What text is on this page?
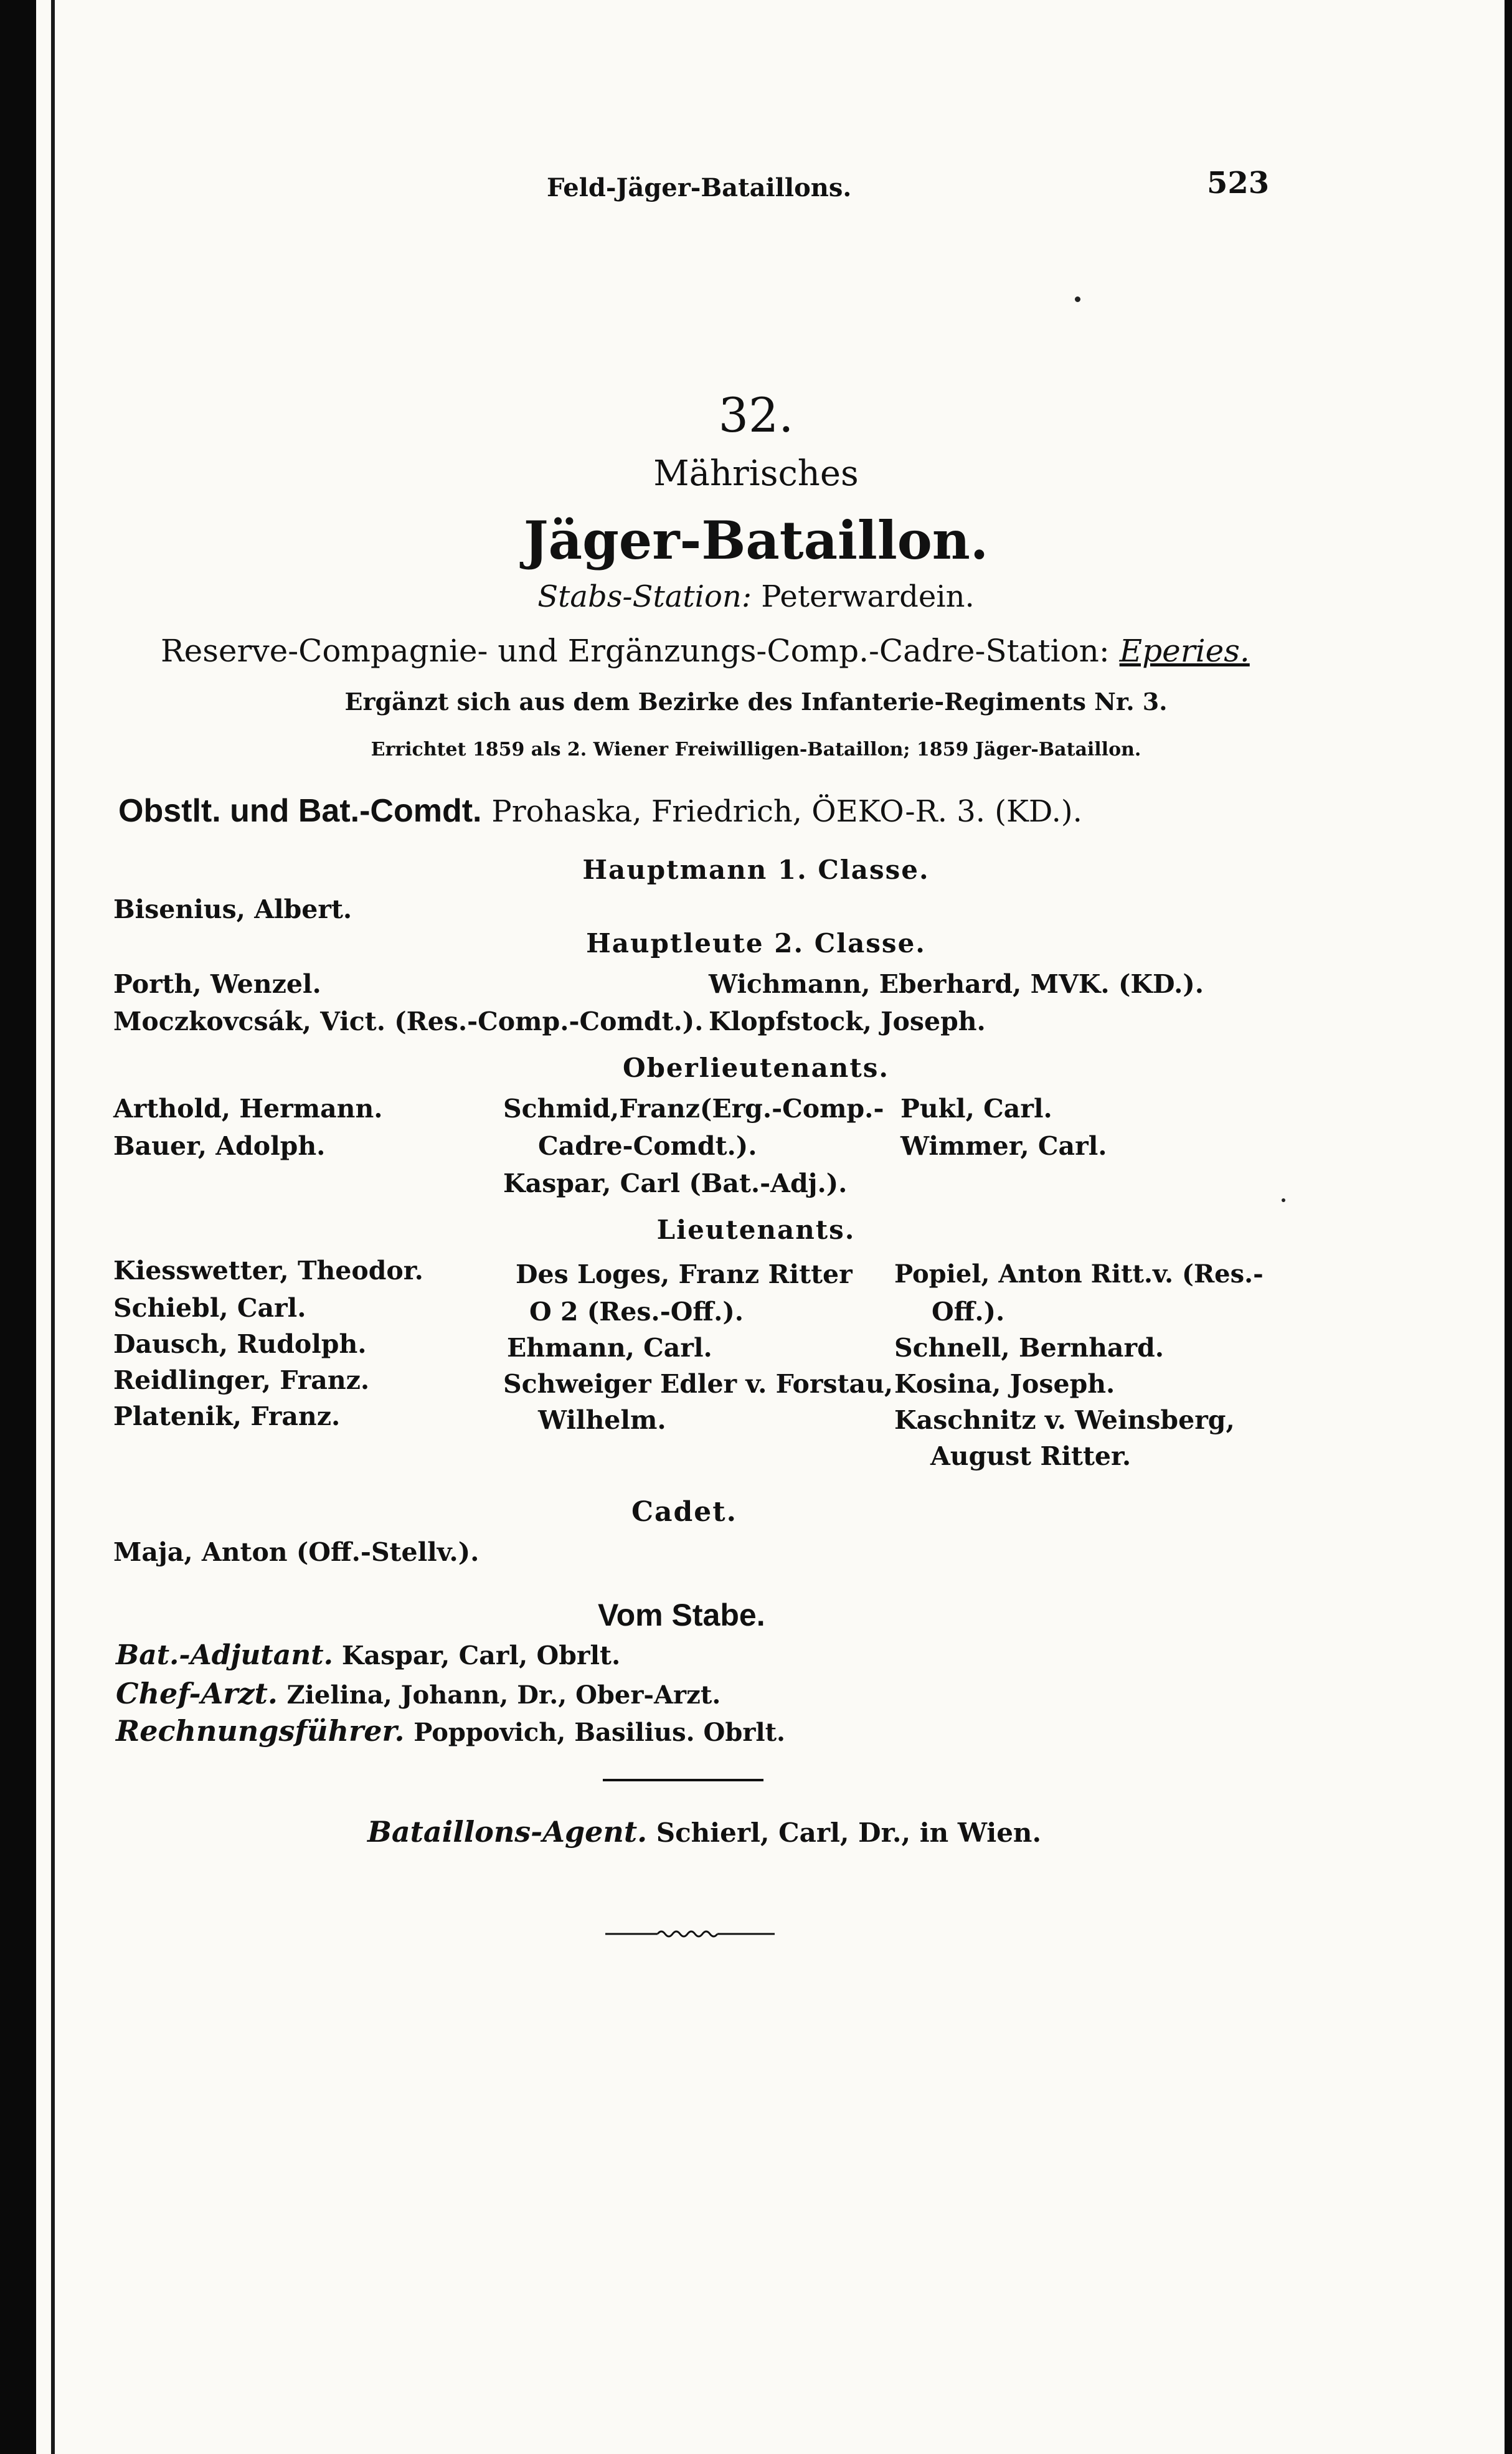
Feld-Jäger-Bataillons.	523
32.
Mährisches
Jäger-Bataillon.
Stabs-Station: Peterwardein.
Reserve-Compagnie- und Ergänzungs-Comp.-Cadre-Station: Eperies.
Ergänzt sich aus dem Bezirke des Infanterie-Regiments Nr. 3.
Errichtet 1859 als 2. Wiener Freiwilligen-Bataillon; 1859 Jäger-Bataillon.
Obstlt. und Bat.-Comdt. Prohaska, Friedrich, ÖEKO-R. 3. (KD.).
Hauptmann 1. Classe.
Bisenius, Albert.
Hauptleute 2. Classe.
Porth, Wenzel.
Moczkovcsák, Vict. (Res.-Comp.-Comdt.).
Wichmann, Eberhard, MVK. (KD.).
Klopfstock, Joseph.
Oberlieutenants.
Arthold, Hermann.
Bauer, Adolph.
Schmid,Franz(Erg.-Comp.-
Cadre-Comdt.).
Kaspar, Carl (Bat.-Adj.).
Pukl, Carl.
Wimmer, Carl.
Lieutenants.
Kiesswetter, Theodor.
Schiebl, Carl.
Dausch, Rudolph.
Reidlinger, Franz.
Platenik, Franz.
Des Loges, Franz Ritter
O 2 (Res.-Off.).
Ehmann, Carl.
Schweiger Edler v. Forstau,
Wilhelm.
Popiel, Anton Ritt.v. (Res.-
Off.).
Schnell, Bernhard.
Kosina, Joseph.
Kaschnitz v. Weinsberg,
August Ritter.
Cadet.
Maja, Anton (Off.-Stellv.).
Vom Stabe.
Bat.-Adjutant. Kaspar, Carl, Obrlt.
Chef-Arzt. Zielina, Johann, Dr., Ober-Arzt.
Rechnungsführer. Poppovich, Basilius. Obrlt.
Bataillons-Agent. Schierl, Carl, Dr., in Wien.
